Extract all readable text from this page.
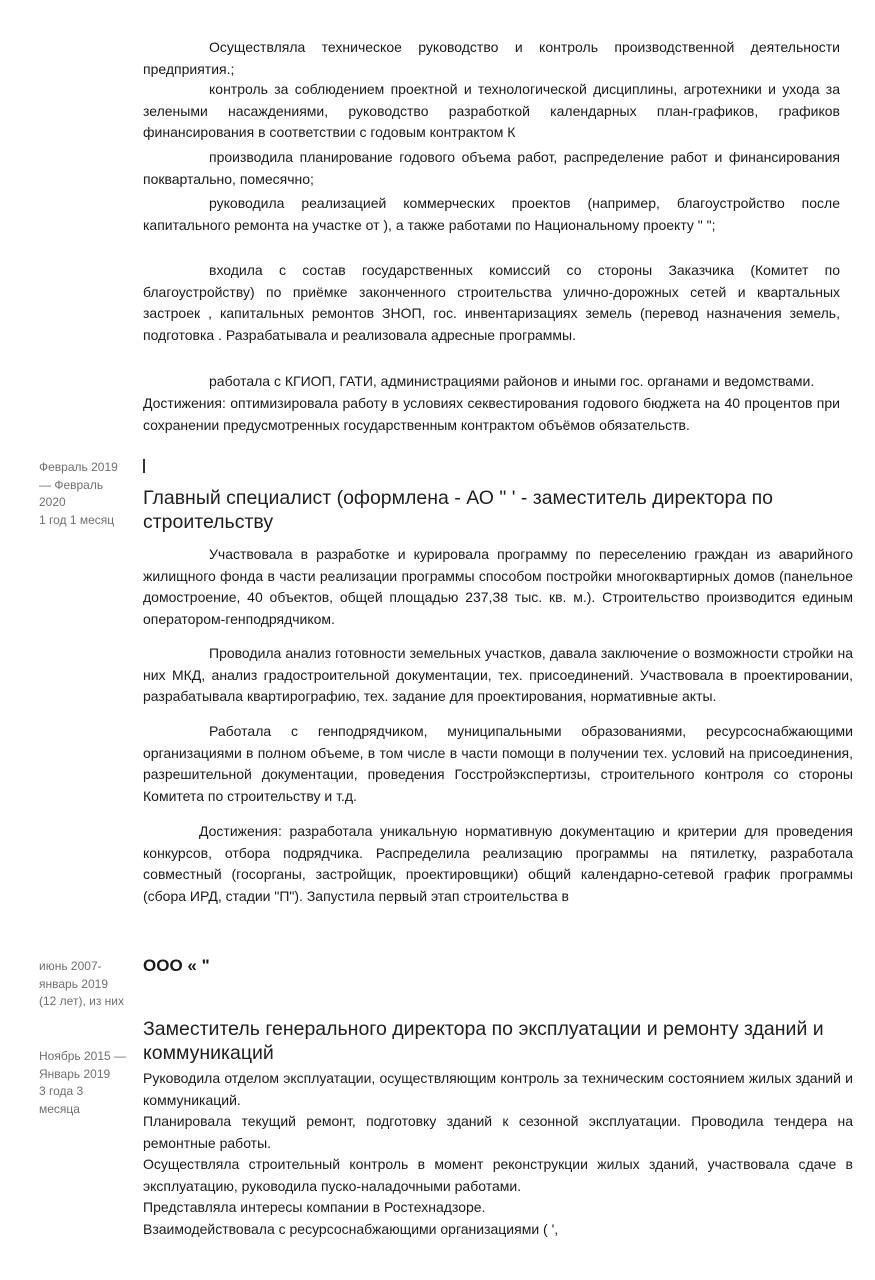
Осуществляла техническое руководство и контроль производственной деятельности предприятия.;

контроль за соблюдением проектной и технологической дисциплины, агротехники и ухода за зелеными насаждениями, руководство разработкой календарных план-графиков, графиков финансирования в соответствии с годовым контрактом К

производила планирование годового объема работ, распределение работ и финансирования поквартально, помесячно;

руководила реализацией коммерческих проектов (например, благоустройство после капитального ремонта на участке от ), а также работами по Национальному проекту " ";

входила с состав государственных комиссий со стороны Заказчика (Комитет по благоустройству) по приёмке законченного строительства улично-дорожных сетей и квартальных застроек , капитальных ремонтов ЗНОП, гос. инвентаризациях земель (перевод назначения земель, подготовка . Разрабатывала и реализовала адресные программы.

работала с КГИОП, ГАТИ, администрациями районов и иными гос. органами и ведомствами.

Достижения: оптимизировала работу в условиях секвестирования годового бюджета на 40 процентов при сохранении предусмотренных государственным контрактом объёмов обязательств.

Февраль 2019 — Февраль 2020
1 год 1 месяц
Главный специалист (оформлена - АО " ' - заместитель директора по строительству

Участвовала в разработке и курировала программу по переселению граждан из аварийного жилищного фонда в части реализации программы способом постройки многоквартирных домов (панельное домостроение, 40 объектов, общей площадью 237,38 тыс. кв. м.). Строительство производится единым оператором-генподрядчиком.

Проводила анализ готовности земельных участков, давала заключение о возможности стройки на них МКД, анализ градостроительной документации, тех. присоединений. Участвовала в проектировании, разрабатывала квартирографию, тех. задание для проектирования, нормативные акты.

Работала с генподрядчиком, муниципальными образованиями, ресурсоснабжающими организациями в полном объеме, в том числе в части помощи в получении тех. условий на присоединения, разрешительной документации, проведения Госстройэкспертизы, строительного контроля со стороны Комитета по строительству и т.д.

Достижения: разработала уникальную нормативную документацию и критерии для проведения конкурсов, отбора подрядчика. Распределила реализацию программы на пятилетку, разработала совместный (госорганы, застройщик, проектировщики) общий календарно-сетевой график программы (сбора ИРД, стадии "П"). Запустила первый этап строительства в

июнь 2007- январь 2019 (12 лет), из них
ООО « "
Ноябрь 2015 — Январь 2019
3 года 3 месяца
Заместитель генерального директора по эксплуатации и ремонту зданий и коммуникаций

Руководила отделом эксплуатации, осуществляющим контроль за техническим состоянием жилых зданий и коммуникаций.

Планировала текущий ремонт, подготовку зданий к сезонной эксплуатации. Проводила тендера на ремонтные работы.

Осуществляла строительный контроль в момент реконструкции жилых зданий, участвовала сдаче в эксплуатацию, руководила пуско-наладочными работами.

Представляла интересы компании в Ростехнадзоре.

Взаимодействовала с ресурсоснабжающими организациями ( ',
